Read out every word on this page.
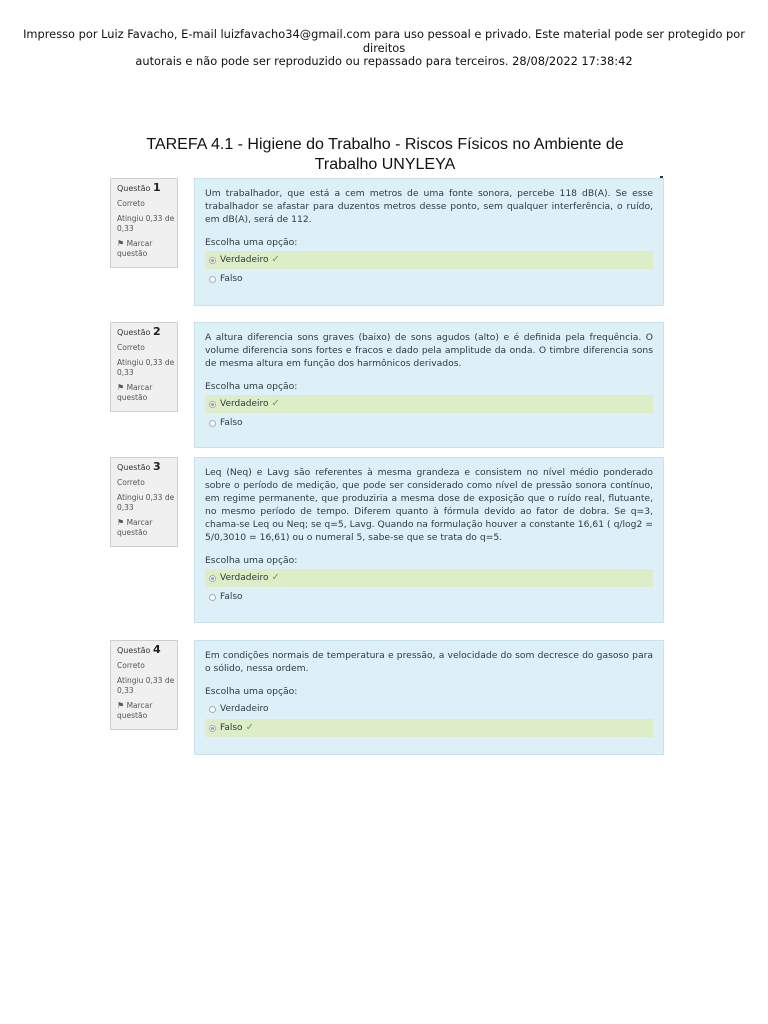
Impresso por Luiz Favacho, E-mail luizfavacho34@gmail.com para uso pessoal e privado. Este material pode ser protegido por direitos
autorais e não pode ser reproduzido ou repassado para terceiros. 28/08/2022 17:38:42
TAREFA 4.1 - Higiene do Trabalho - Riscos Físicos no Ambiente de
Trabalho UNYLEYA
Questão 1
Correto
Atingiu 0,33 de 0,33
⚑ Marcar questão
Um trabalhador, que está a cem metros de uma fonte sonora, percebe 118 dB(A). Se esse trabalhador se afastar para duzentos metros desse ponto, sem qualquer interferência, o ruído, em dB(A), será de 112.
Escolha uma opção:
Verdadeiro ✓
Falso
Questão 2
Correto
Atingiu 0,33 de 0,33
⚑ Marcar questão
A altura diferencia sons graves (baixo) de sons agudos (alto) e é definida pela frequência. O volume diferencia sons fortes e fracos e dado pela amplitude da onda. O timbre diferencia sons de mesma altura em função dos harmônicos derivados.
Escolha uma opção:
Verdadeiro ✓
Falso
Questão 3
Correto
Atingiu 0,33 de 0,33
⚑ Marcar questão
Leq (Neq) e Lavg são referentes à mesma grandeza e consistem no nível médio ponderado sobre o período de medição, que pode ser considerado como nível de pressão sonora contínuo, em regime permanente, que produziria a mesma dose de exposição que o ruído real, flutuante, no mesmo período de tempo. Diferem quanto à fórmula devido ao fator de dobra. Se q=3, chama-se Leq ou Neq; se q=5, Lavg. Quando na formulação houver a constante 16,61 ( q/log2 = 5/0,3010 = 16,61) ou o numeral 5, sabe-se que se trata do q=5.
Escolha uma opção:
Verdadeiro ✓
Falso
Questão 4
Correto
Atingiu 0,33 de 0,33
⚑ Marcar questão
Em condições normais de temperatura e pressão, a velocidade do som decresce do gasoso para o sólido, nessa ordem.
Escolha uma opção:
Verdadeiro
Falso ✓
